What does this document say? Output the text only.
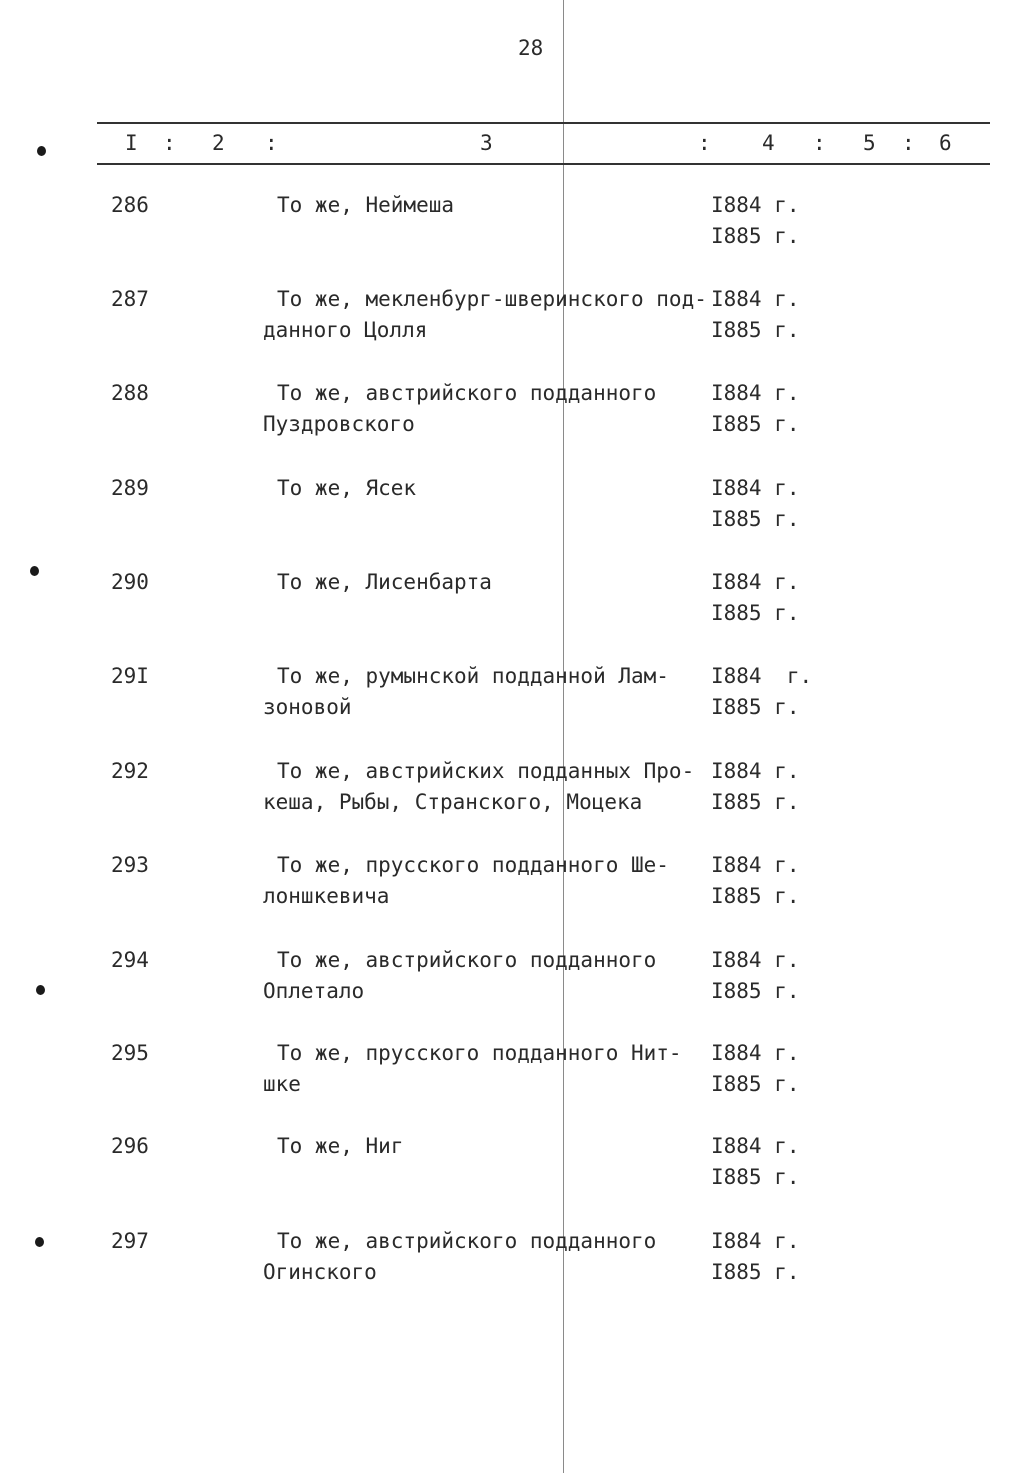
28
I : 2 :	3	: 4 : 5 : 6
286	То же, Неймеша	I884 г.
I885 г.
287	То же, мекленбург-шверинского под-
данного Цолля
I884 г.
I885 г.
288	То же, австрийского подданного
Пуздровского
I884 г.
I885 г.
289	То же, Ясек	I884 г.
I885 г.
290	То же, Лисенбарта	I884 г.
I885 г.
29I	То же, румынской подданной Лам-
зоновой
I884  г.
I885 г.
292	То же, австрийских подданных Про-
кеша, Рыбы, Странского, Моцека
I884 г.
I885 г.
293	То же, прусского подданного Ше-
лоншкевича
I884 г.
I885 г.
294	То же, австрийского подданного
Оплетало
I884 г.
I885 г.
295	То же, прусского подданного Нит-
шке
I884 г.
I885 г.
296	То же, Ниг	I884 г.
I885 г.
297	То же, австрийского подданного
Огинского
I884 г.
I885 г.
